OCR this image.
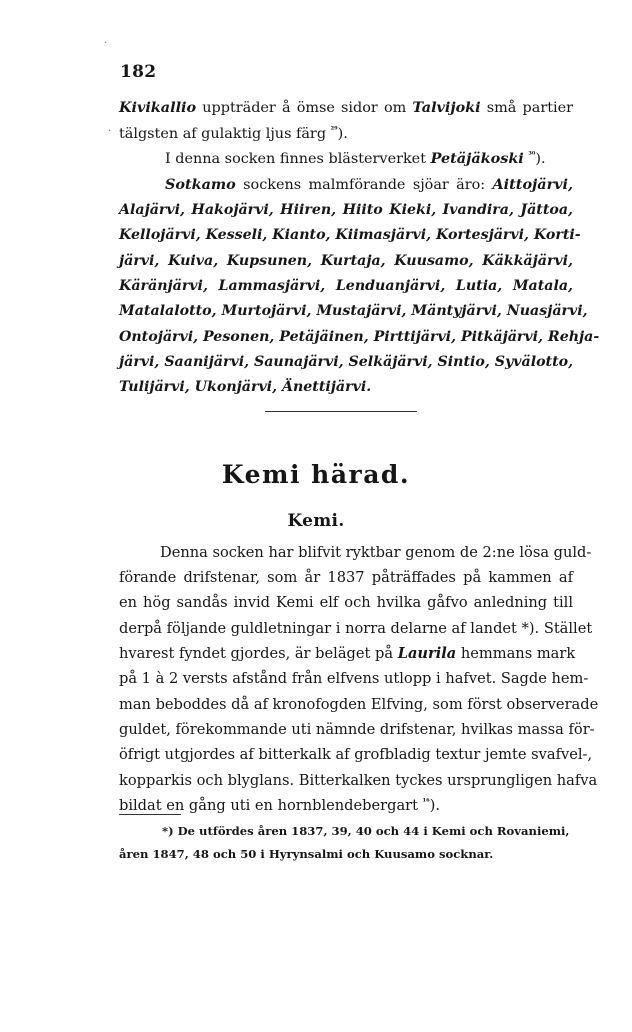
182
·
·
Kivikallio uppträder å ömse sidor om Talvijoki små partier
tälgsten af gulaktig ljus färg $^{^{29}}$).
I denna socken finnes blästerverket Petäjäkoski $^{^{30}}$).
Sotkamo sockens malmförande sjöar äro: Aittojärvi,
Alajärvi, Hakojärvi, Hiiren, Hiito Kieki, Ivandira, Jättoa,
Kellojärvi, Kesseli, Kianto, Kiimasjärvi, Kortesjärvi, Korti-
järvi, Kuiva, Kupsunen, Kurtaja, Kuusamo, Käkkäjärvi,
Käränjärvi, Lammasjärvi, Lenduanjärvi, Lutia, Matala,
Matalalotto, Murtojärvi, Mustajärvi, Mäntyjärvi, Nuasjärvi,
Ontojärvi, Pesonen, Petäjäinen, Pirttijärvi, Pitkäjärvi, Rehja-
järvi, Saanijärvi, Saunajärvi, Selkäjärvi, Sintio, Syvälotto,
Tulijärvi, Ukonjärvi, Änettijärvi.
Kemi härad.
Kemi.
Denna socken har blifvit ryktbar genom de 2:ne lösa guld-
förande drifstenar, som år 1837 påträffades på kammen af
en hög sandås invid Kemi elf och hvilka gåfvo anledning till
derpå följande guldletningar i norra delarne af landet *). Stället
hvarest fyndet gjordes, är beläget på Laurila hemmans mark
på 1 à 2 versts afstånd från elfvens utlopp i hafvet. Sagde hem-
man beboddes då af kronofogden Elfving, som först observerade
guldet, förekommande uti nämnde drifstenar, hvilkas massa för-
öfrigt utgjordes af bitterkalk af grofbladig textur jemte svafvel-,
kopparkis och blyglans. Bitterkalken tyckes ursprungligen hafva
bildat en gång uti en hornblendebergart $^{^{16}}$).
*) De utfördes åren 1837, 39, 40 och 44 i Kemi och Rovaniemi,
åren 1847, 48 och 50 i Hyrynsalmi och Kuusamo socknar.
